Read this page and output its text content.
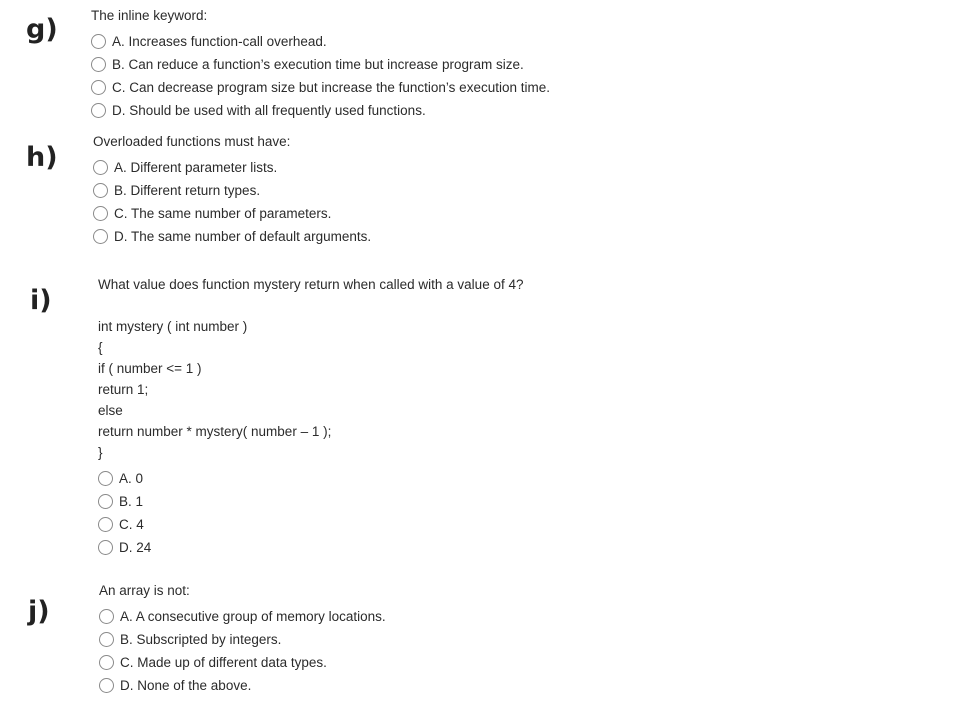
g) The inline keyword:

A. Increases function-call overhead.
B. Can reduce a function’s execution time but increase program size.
C. Can decrease program size but increase the function’s execution time.
D. Should be used with all frequently used functions.
h)

Overloaded functions must have:

A. Different parameter lists.
B. Different return types.
C. The same number of parameters.
D. The same number of default arguments.
i)

What value does function mystery return when called with a value of 4?

int mystery ( int number )
{
if ( number <= 1 )
return 1;
else
return number * mystery( number – 1 );
}
A. 0
B. 1
C. 4
D. 24
j)

An array is not:

A. A consecutive group of memory locations.
B. Subscripted by integers.
C. Made up of different data types.
D. None of the above.
